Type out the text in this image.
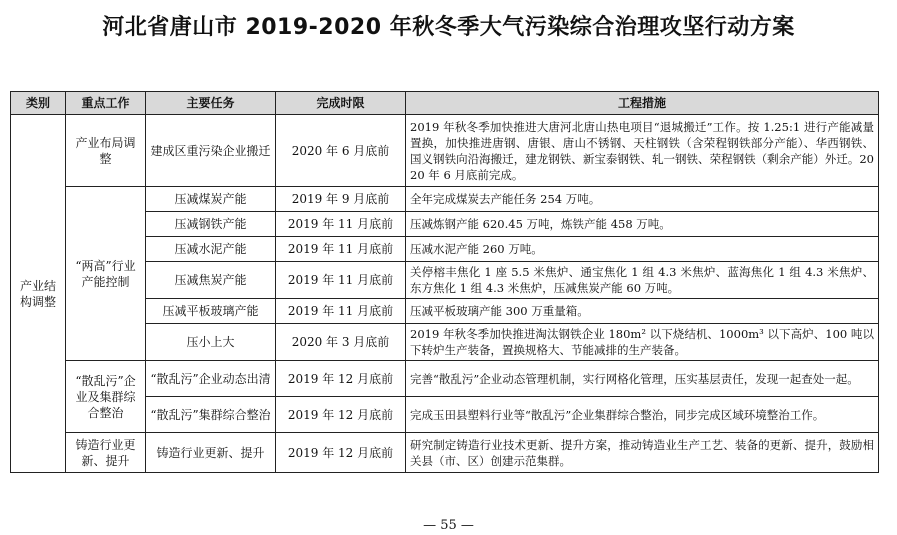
河北省唐山市 2019-2020 年秋冬季大气污染综合治理攻坚行动方案
类别	重点工作	主要任务	完成时限	工程措施
产业结构调整	产业布局调整	建成区重污染企业搬迁	2020 年 6 月底前	2019 年秋冬季加快推进大唐河北唐山热电项目“退城搬迁”工作。按 1.25:1 进行产能减量置换，加快推进唐钢、唐银、唐山不锈钢、天柱钢铁（含荣程钢铁部分产能）、华西钢铁、国义钢铁向沿海搬迁，建龙钢铁、新宝泰钢铁、轧一钢铁、荣程钢铁（剩余产能）外迁。2020 年 6 月底前完成。
	“两高”行业产能控制	压减煤炭产能	2019 年 9 月底前	全年完成煤炭去产能任务 254 万吨。
		压减钢铁产能	2019 年 11 月底前	压减炼钢产能 620.45 万吨，炼铁产能 458 万吨。
		压减水泥产能	2019 年 11 月底前	压减水泥产能 260 万吨。
		压减焦炭产能	2019 年 11 月底前	关停榕丰焦化 1 座 5.5 米焦炉、通宝焦化 1 组 4.3 米焦炉、蓝海焦化 1 组 4.3 米焦炉、东方焦化 1 组 4.3 米焦炉，压减焦炭产能 60 万吨。
		压减平板玻璃产能	2019 年 11 月底前	压减平板玻璃产能 300 万重量箱。
		压小上大	2020 年 3 月底前	2019 年秋冬季加快推进淘汰钢铁企业 180m² 以下烧结机、1000m³ 以下高炉、100 吨以下转炉生产装备，置换规格大、节能减排的生产装备。
	“散乱污”企业及集群综合整治	“散乱污”企业动态出清	2019 年 12 月底前	完善“散乱污”企业动态管理机制，实行网格化管理，压实基层责任，发现一起查处一起。
		“散乱污”集群综合整治	2019 年 12 月底前	完成玉田县塑料行业等“散乱污”企业集群综合整治，同步完成区域环境整治工作。
	铸造行业更新、提升	铸造行业更新、提升	2019 年 12 月底前	研究制定铸造行业技术更新、提升方案，推动铸造业生产工艺、装备的更新、提升，鼓励相关县（市、区）创建示范集群。
— 55 —
